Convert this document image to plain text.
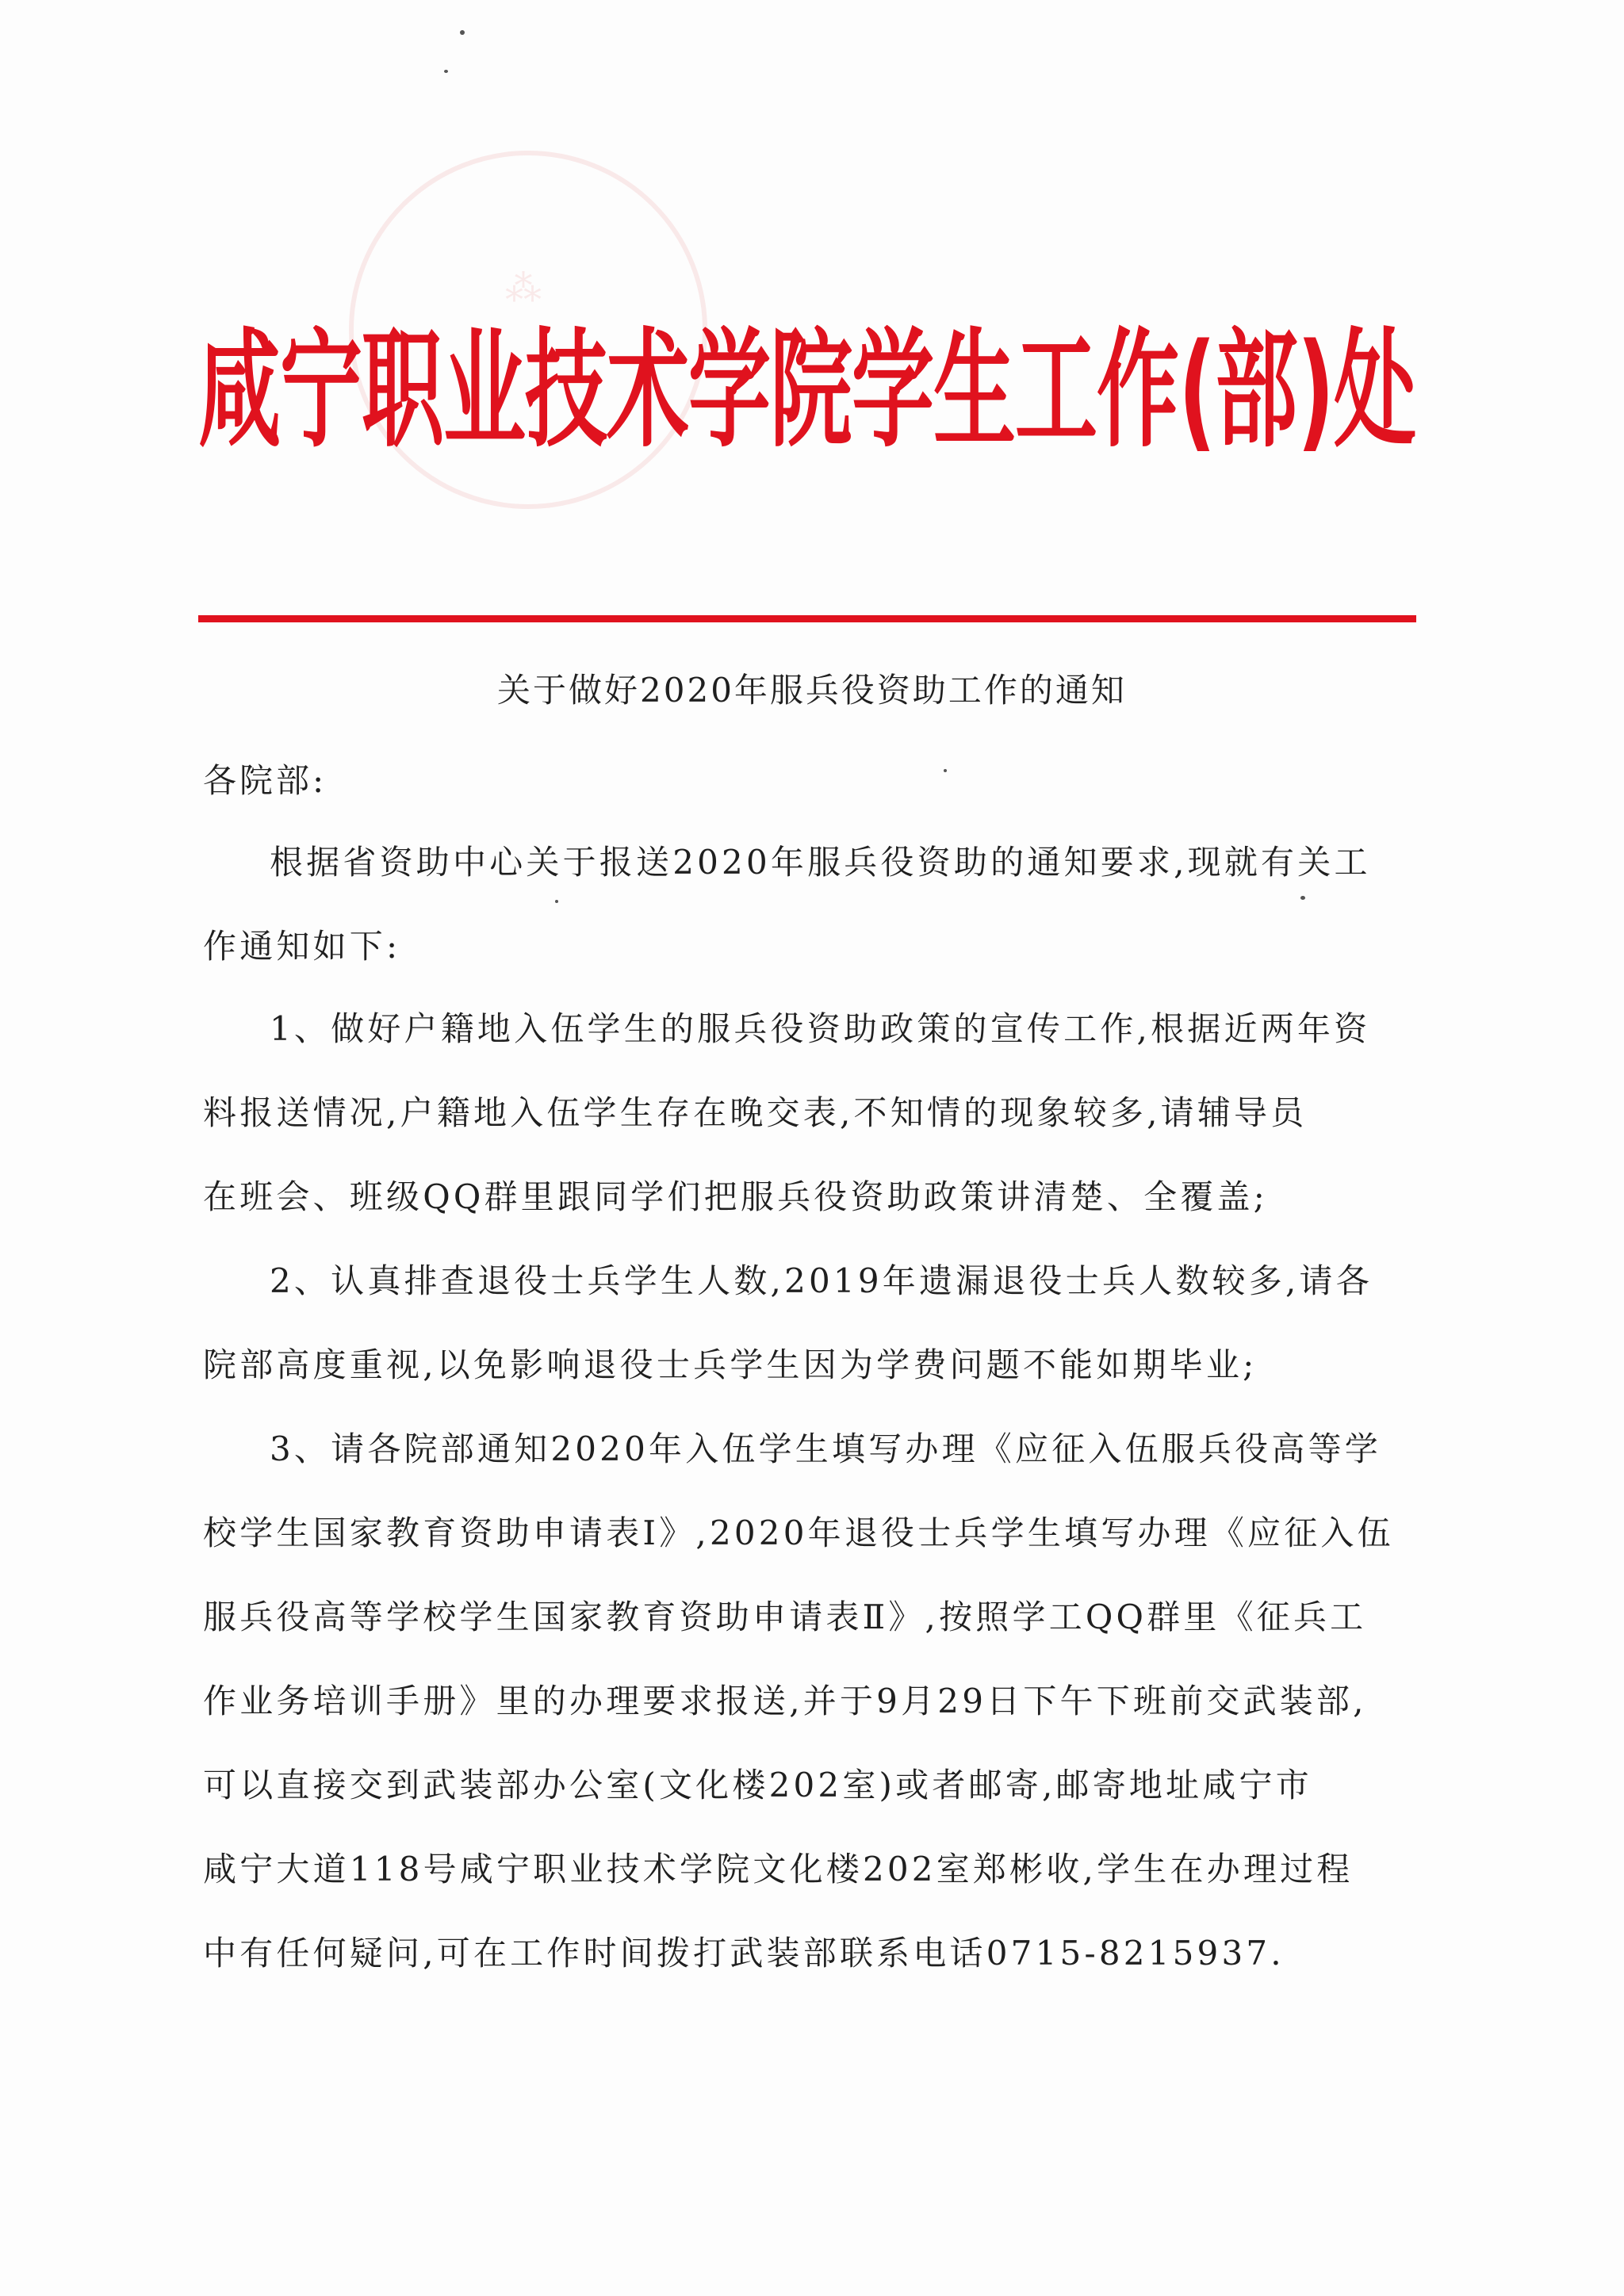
⁂
咸宁职业技术学院学生工作(部)处
关于做好2020年服兵役资助工作的通知
各院部:
根据省资助中心关于报送2020年服兵役资助的通知要求,现就有关工
作通知如下:
1、做好户籍地入伍学生的服兵役资助政策的宣传工作,根据近两年资
料报送情况,户籍地入伍学生存在晚交表,不知情的现象较多,请辅导员
在班会、班级QQ群里跟同学们把服兵役资助政策讲清楚、全覆盖;
2、认真排查退役士兵学生人数,2019年遗漏退役士兵人数较多,请各
院部高度重视,以免影响退役士兵学生因为学费问题不能如期毕业;
3、请各院部通知2020年入伍学生填写办理《应征入伍服兵役高等学
校学生国家教育资助申请表Ⅰ》,2020年退役士兵学生填写办理《应征入伍
服兵役高等学校学生国家教育资助申请表Ⅱ》,按照学工QQ群里《征兵工
作业务培训手册》里的办理要求报送,并于9月29日下午下班前交武装部,
可以直接交到武装部办公室(文化楼202室)或者邮寄,邮寄地址咸宁市
咸宁大道118号咸宁职业技术学院文化楼202室郑彬收,学生在办理过程
中有任何疑问,可在工作时间拨打武装部联系电话0715-8215937.
